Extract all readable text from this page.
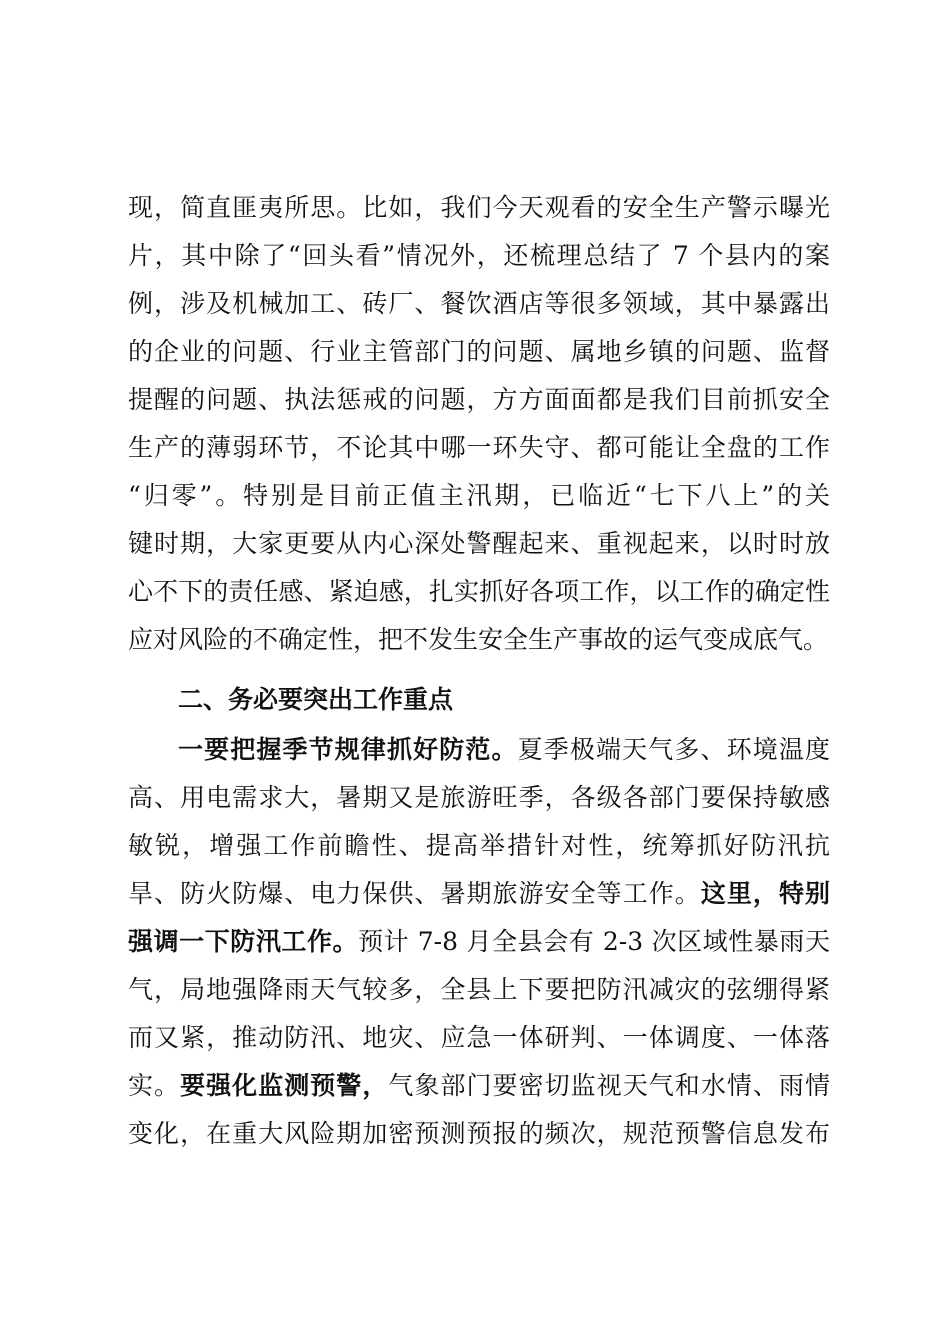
现，简直匪夷所思。比如，我们今天观看的安全生产警示曝光
片，其中除了“回头看”情况外，还梳理总结了 7 个县内的案
例，涉及机械加工、砖厂、餐饮酒店等很多领域，其中暴露出
的企业的问题、行业主管部门的问题、属地乡镇的问题、监督
提醒的问题、执法惩戒的问题，方方面面都是我们目前抓安全
生产的薄弱环节，不论其中哪一环失守、都可能让全盘的工作
“归零”。特别是目前正值主汛期，已临近“七下八上”的关
键时期，大家更要从内心深处警醒起来、重视起来，以时时放
心不下的责任感、紧迫感，扎实抓好各项工作，以工作的确定性
应对风险的不确定性，把不发生安全生产事故的运气变成底气。
二、务必要突出工作重点
一要把握季节规律抓好防范。夏季极端天气多、环境温度
高、用电需求大，暑期又是旅游旺季，各级各部门要保持敏感
敏锐，增强工作前瞻性、提高举措针对性，统筹抓好防汛抗
旱、防火防爆、电力保供、暑期旅游安全等工作。这里，特别
强调一下防汛工作。预计 7-8 月全县会有 2-3 次区域性暴雨天
气，局地强降雨天气较多，全县上下要把防汛减灾的弦绷得紧
而又紧，推动防汛、地灾、应急一体研判、一体调度、一体落
实。要强化监测预警，气象部门要密切监视天气和水情、雨情
变化，在重大风险期加密预测预报的频次，规范预警信息发布
